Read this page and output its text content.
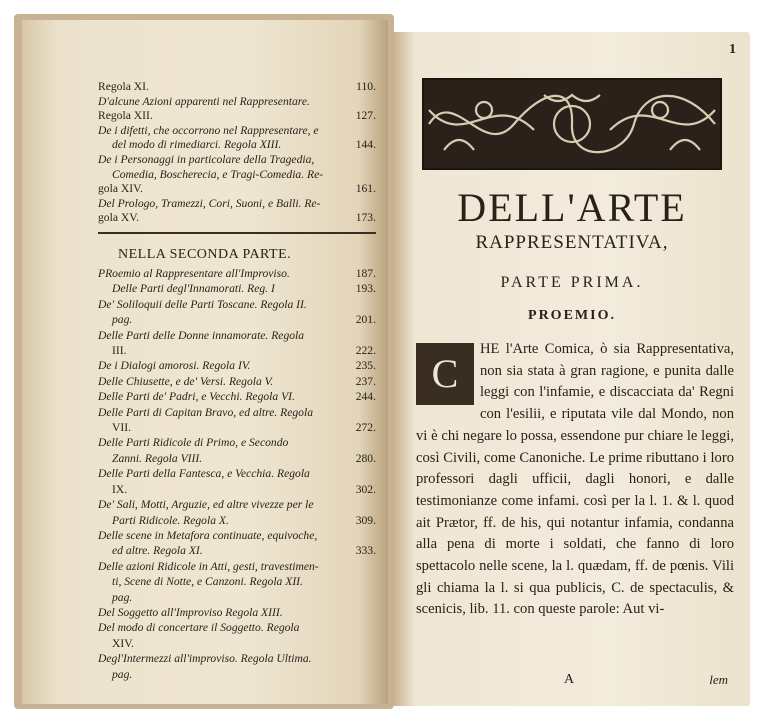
Regola XI.	110.
D'alcune Azioni apparenti nel Rappresentare.
Regola XII.	127.
De i difetti, che occorrono nel Rappresentare, e
del modo di rimediarci. Regola XIII.	144.
De i Personaggi in particolare della Tragedia,
Comedia, Boscherecia, e Tragi-Comedia. Re-
gola XIV.	161.
Del Prologo, Tramezzi, Cori, Suoni, e Balli. Re-
gola XV.	173.
NELLA SECONDA PARTE.
PRoemio al Rappresentare all'Improviso.	187.
Delle Parti degl'Innamorati. Reg. I	193.
De' Soliloquii delle Parti Toscane. Regola II.
pag.	201.
Delle Parti delle Donne innamorate. Regola
III.	222.
De i Dialogi amorosi. Regola IV.	235.
Delle Chiusette, e de' Versi. Regola V.	237.
Delle Parti de' Padri, e Vecchi. Regola VI.	244.
Delle Parti di Capitan Bravo, ed altre. Regola
VII.	272.
Delle Parti Ridicole di Primo, e Secondo
Zanni. Regola VIII.	280.
Delle Parti della Fantesca, e Vecchia. Regola
IX.	302.
De' Sali, Motti, Arguzie, ed altre vivezze per le
Parti Ridicole. Regola X.	309.
Delle scene in Metafora continuate, equivoche,
ed altre. Regola XI.	333.
Delle azioni Ridicole in Atti, gesti, travestimen-
ti, Scene di Notte, e Canzoni. Regola XII.
pag.
Del Soggetto all'Improviso Regola XIII.
Del modo di concertare il Soggetto. Regola
XIV.
Degl'Intermezzi all'improviso. Regola Ultima.
pag.
1
DELL'ARTE
RAPPRESENTATIVA,
PARTE PRIMA.
PROEMIO.
C
HE l'Arte Comica, ò sia Rappresentativa, non sia stata à gran ragione, e punita dalle leggi con l'infamie, e discacciata da' Regni con l'esilii, e riputata vile dal Mondo, non vi è chi negare lo possa, essendone pur chiare le leggi, così Civili, come Canoniche. Le prime ributtano i loro professori dagli ufficii, dagli honori, e dalle testimonianze come infami. così per la l. 1. & l. quod ait Prætor, ff. de his, qui notantur infamia, condanna alla pena di morte i soldati, che fanno di loro spettacolo nelle scene, la l. quædam, ff. de pœnis. Vili gli chiama la l. si qua publicis, C. de spectaculis, & scenicis, lib. 11. con queste parole: Aut vi-
A	lem
